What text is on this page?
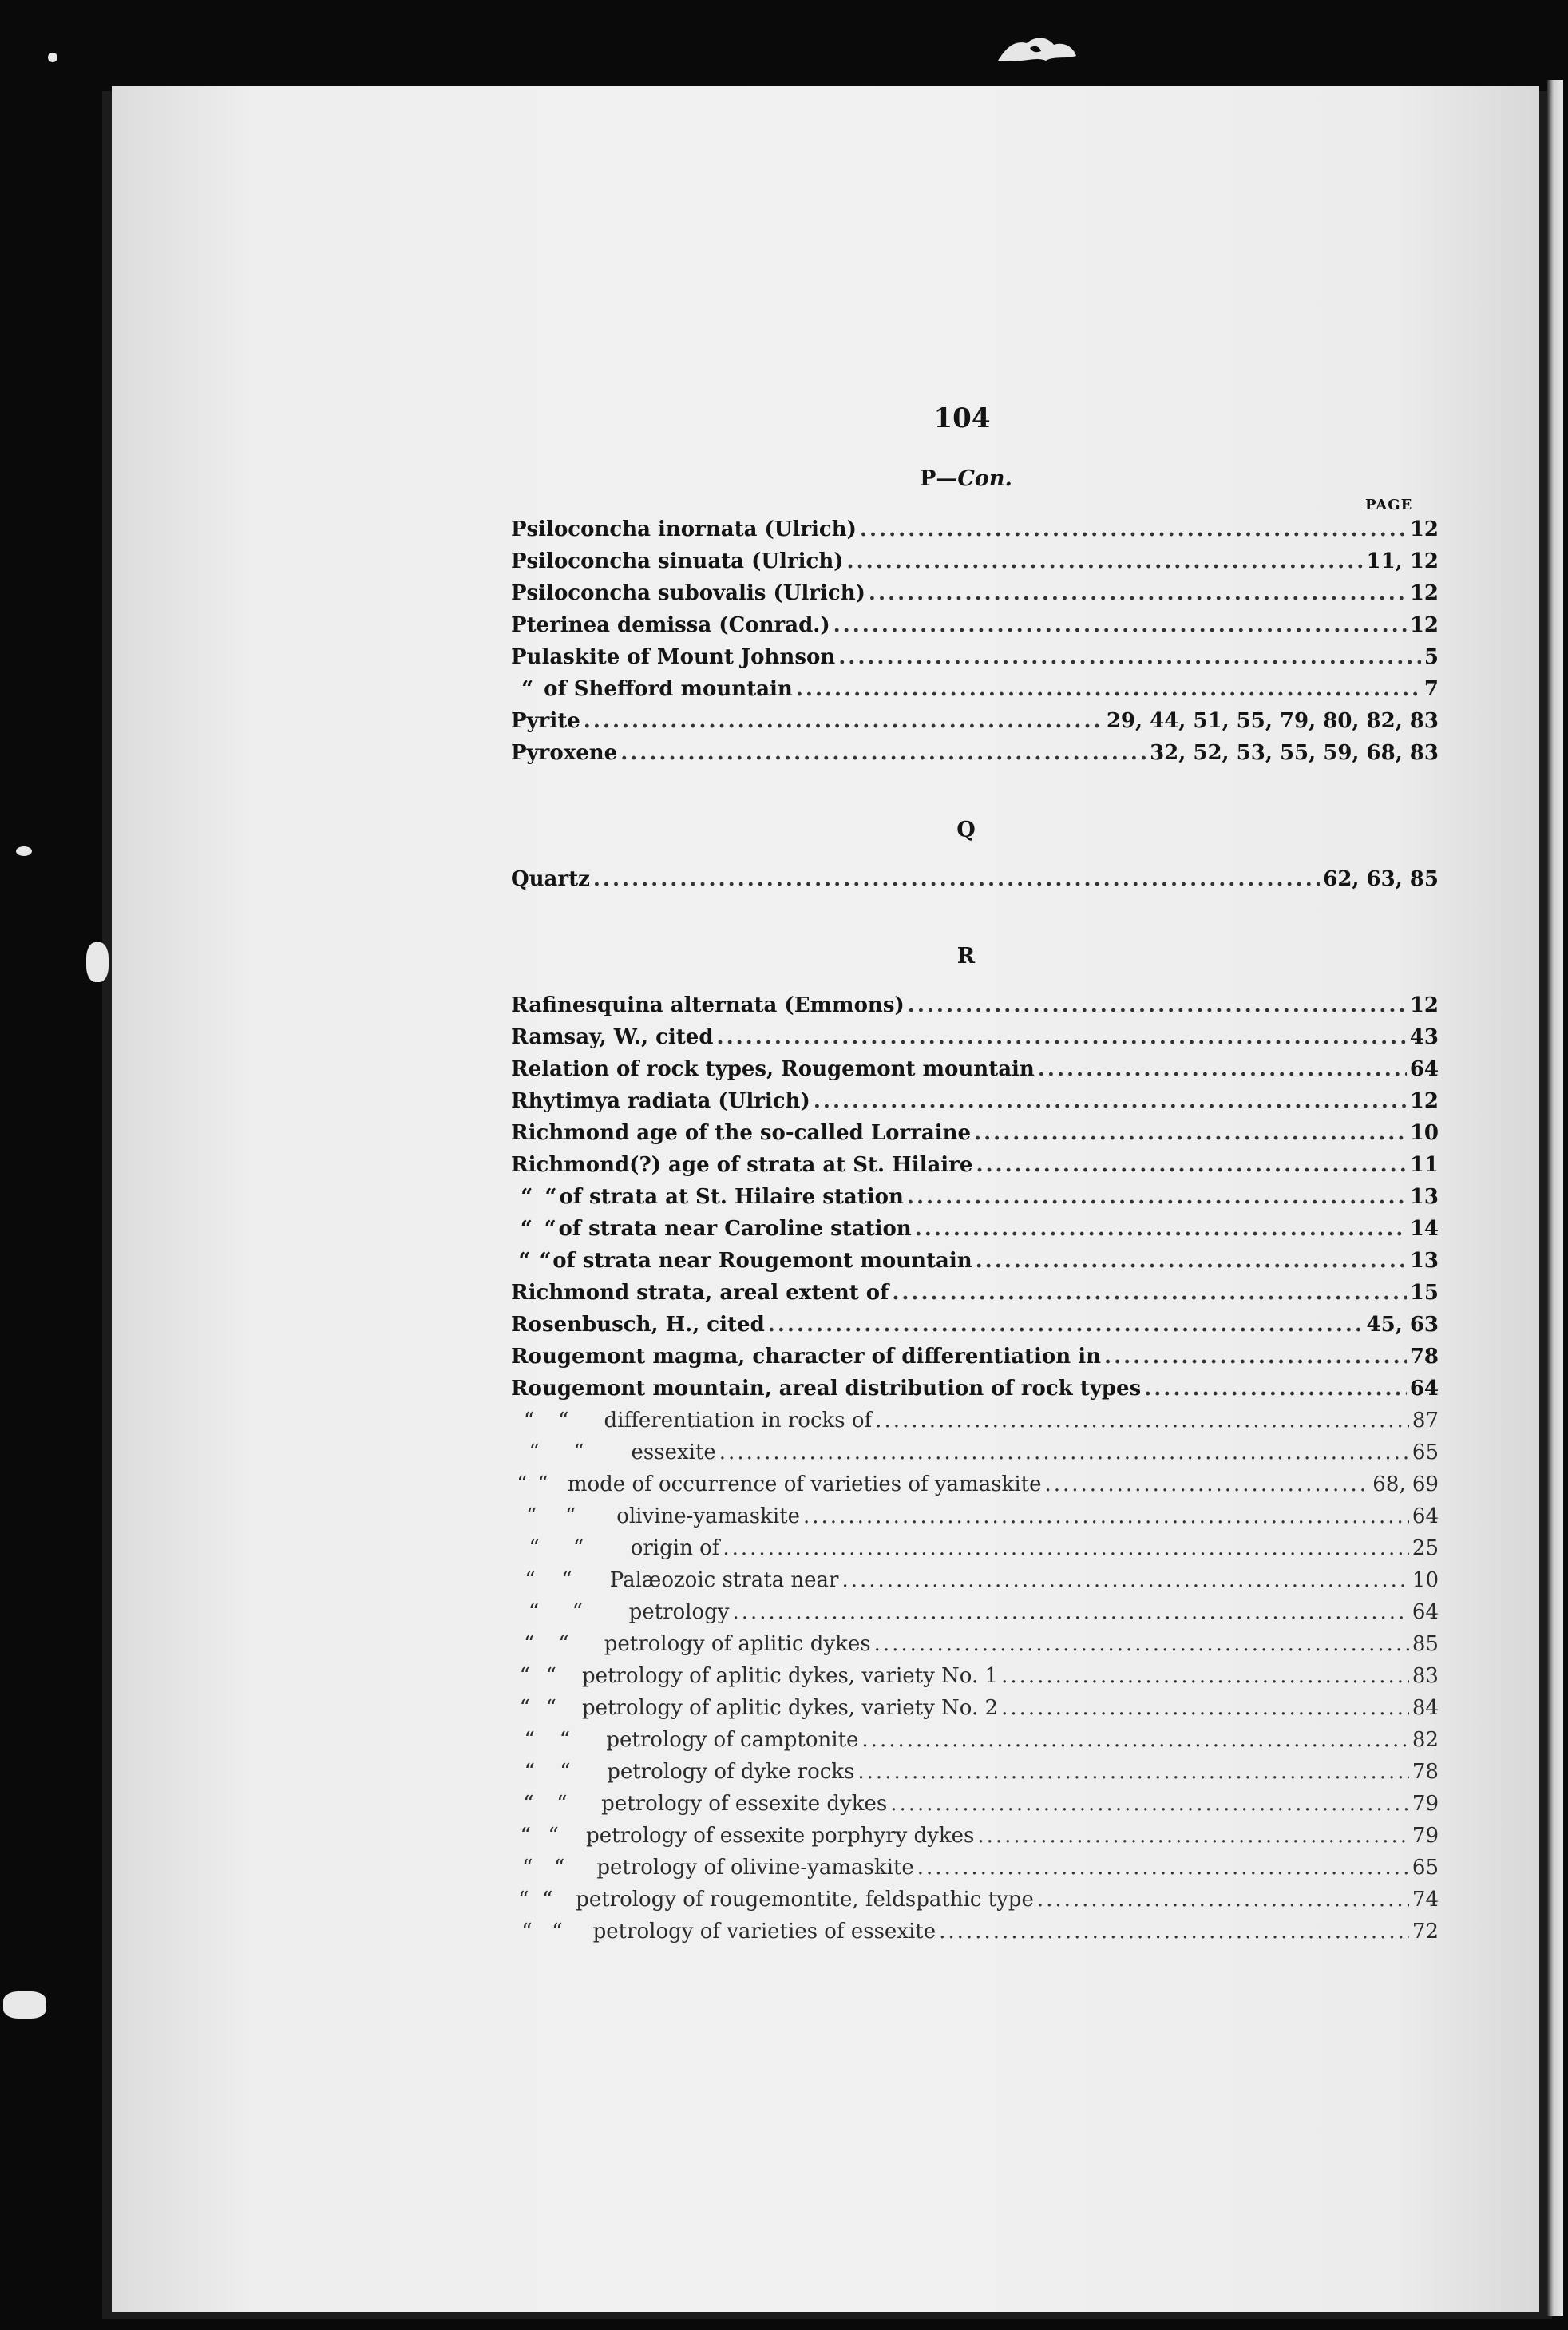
104
P—Con.
PAGE
Psiloconcha inornata (Ulrich) .....	12
Psiloconcha sinuata (Ulrich) .....	11, 12
Psiloconcha subovalis (Ulrich) .....	12
Pterinea demissa (Conrad.) .....	12
Pulaskite of Mount Johnson .....	5
“ of Shefford mountain .....	7
Pyrite .....	29, 44, 51, 55, 79, 80, 82, 83
Pyroxene .....	32, 52, 53, 55, 59, 68, 83
Q
Quartz .....	62, 63, 85
R
Rafinesquina alternata (Emmons) .....	12
Ramsay, W., cited .....	43
Relation of rock types, Rougemont mountain .....	64
Rhytimya radiata (Ulrich) .....	12
Richmond age of the so-called Lorraine .....	10
Richmond(?) age of strata at St. Hilaire .....	11
“ “ of strata at St. Hilaire station .....	13
“ “ of strata near Caroline station .....	14
“ “ of strata near Rougemont mountain .....	13
Richmond strata, areal extent of .....	15
Rosenbusch, H., cited .....	45, 63
Rougemont magma, character of differentiation in .....	78
Rougemont mountain, areal distribution of rock types .....	64
“	“	differentiation in rocks of .....	87
“	“	essexite .....	65
“ “ mode of occurrence of varieties of yamaskite .....	68, 69
“	“	olivine-yamaskite .....	64
“	“	origin of .....	25
“	“	Palæozoic strata near .....	10
“	“	petrology .....	64
“	“	petrology of aplitic dykes .....	85
“ “	petrology of aplitic dykes, variety No. 1 .....	83
“ “	petrology of aplitic dykes, variety No. 2 .....	84
“	“	petrology of camptonite .....	82
“	“	petrology of dyke rocks .....	78
“	“	petrology of essexite dykes .....	79
“ “	petrology of essexite porphyry dykes .....	79
“	“	petrology of olivine-yamaskite .....	65
“ “ petrology of rougemontite, feldspathic type .....	74
“ “	petrology of varieties of essexite .....	72
